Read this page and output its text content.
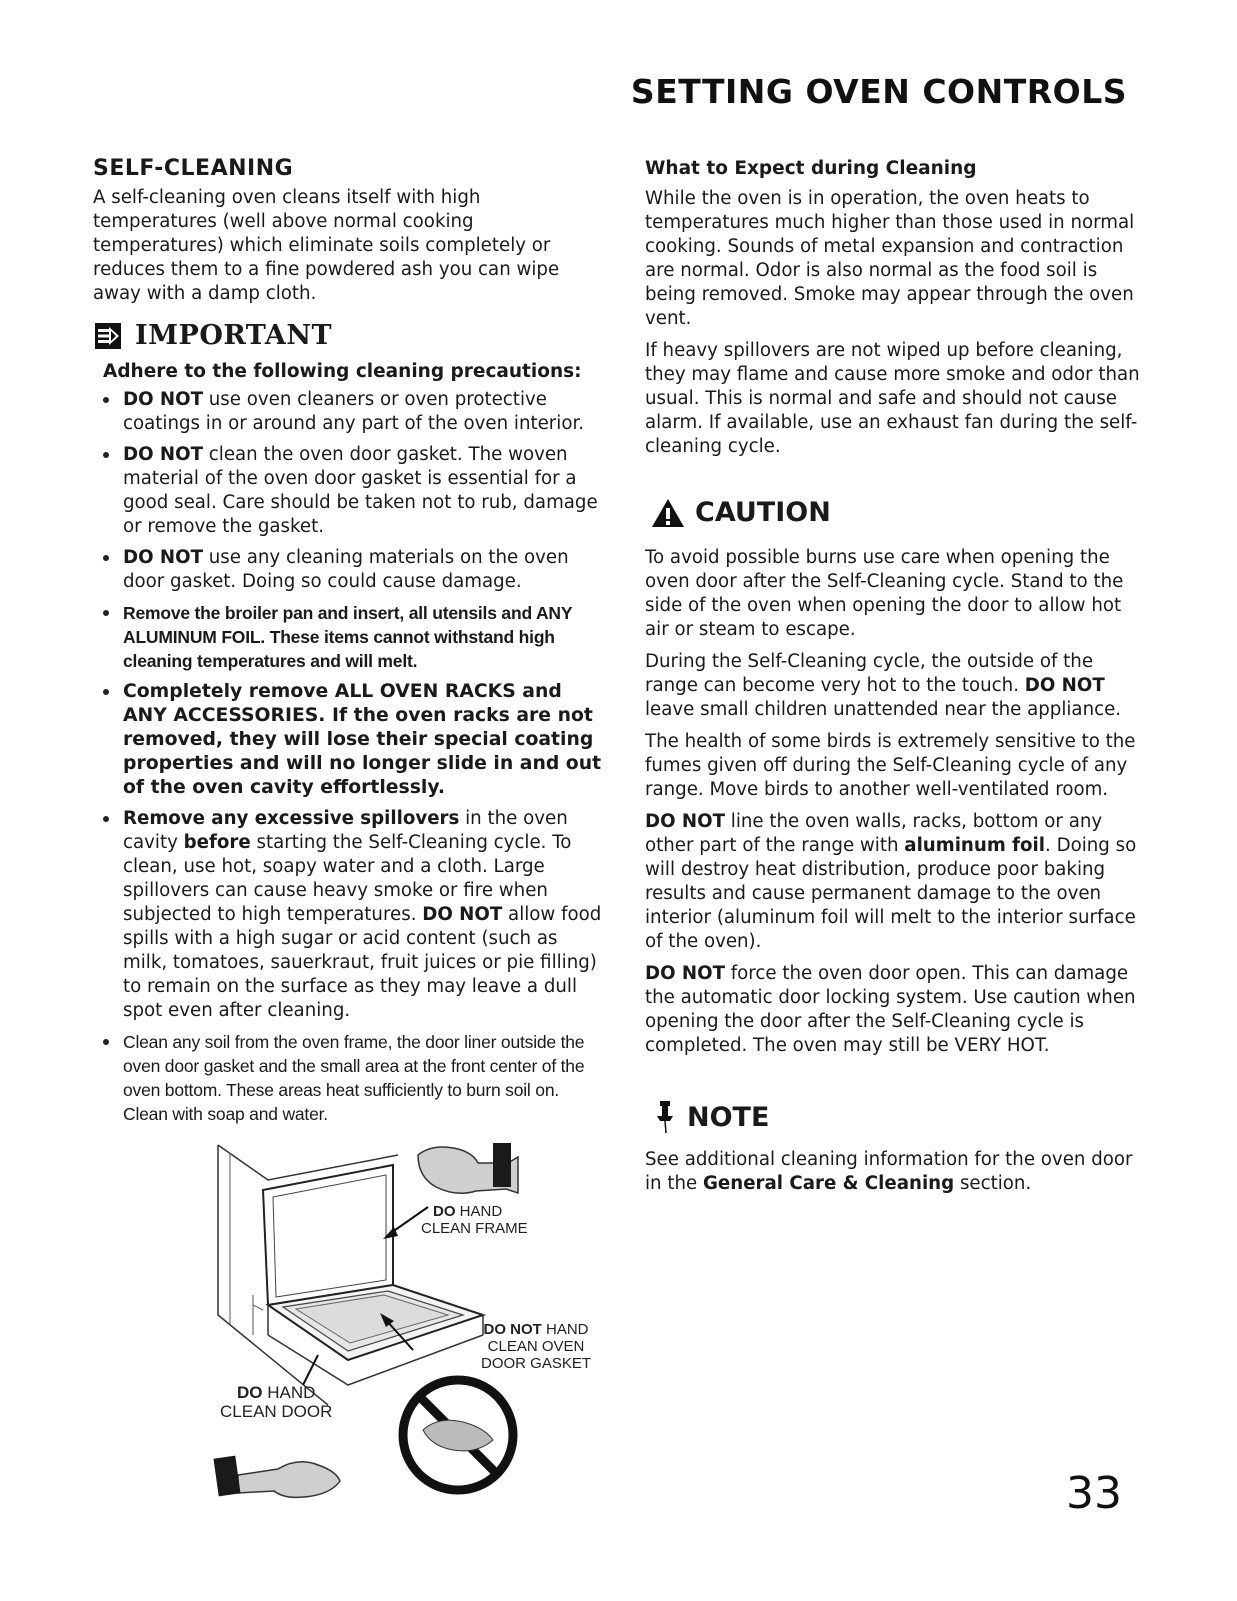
SETTING OVEN CONTROLS
SELF-CLEANING
A self-cleaning oven cleans itself with high temperatures (well above normal cooking temperatures) which eliminate soils completely or reduces them to a fine powdered ash you can wipe away with a damp cloth.
IMPORTANT
Adhere to the following cleaning precautions:
DO NOT use oven cleaners or oven protective coatings in or around any part of the oven interior.
DO NOT clean the oven door gasket. The woven material of the oven door gasket is essential for a good seal. Care should be taken not to rub, damage or remove the gasket.
DO NOT use any cleaning materials on the oven door gasket. Doing so could cause damage.
Remove the broiler pan and insert, all utensils and ANY ALUMINUM FOIL. These items cannot withstand high cleaning temperatures and will melt.
Completely remove ALL OVEN RACKS and ANY ACCESSORIES. If the oven racks are not removed, they will lose their special coating properties and will no longer slide in and out of the oven cavity effortlessly.
Remove any excessive spillovers in the oven cavity before starting the Self-Cleaning cycle. To clean, use hot, soapy water and a cloth. Large spillovers can cause heavy smoke or fire when subjected to high temperatures. DO NOT allow food spills with a high sugar or acid content (such as milk, tomatoes, sauerkraut, fruit juices or pie filling) to remain on the surface as they may leave a dull spot even after cleaning.
Clean any soil from the oven frame, the door liner outside the oven door gasket and the small area at the front center of the oven bottom. These areas heat sufficiently to burn soil on. Clean with soap and water.
DO HAND
CLEAN FRAME
DO NOT HAND
CLEAN OVEN
DOOR GASKET
DO HAND
CLEAN DOOR
What to Expect during Cleaning
While the oven is in operation, the oven heats to temperatures much higher than those used in normal cooking. Sounds of metal expansion and contraction are normal. Odor is also normal as the food soil is being removed. Smoke may appear through the oven vent.
If heavy spillovers are not wiped up before cleaning, they may flame and cause more smoke and odor than usual. This is normal and safe and should not cause alarm. If available, use an exhaust fan during the self-cleaning cycle.
CAUTION
To avoid possible burns use care when opening the oven door after the Self-Cleaning cycle. Stand to the side of the oven when opening the door to allow hot air or steam to escape.
During the Self-Cleaning cycle, the outside of the range can become very hot to the touch. DO NOT leave small children unattended near the appliance.
The health of some birds is extremely sensitive to the fumes given off during the Self-Cleaning cycle of any range. Move birds to another well-ventilated room.
DO NOT line the oven walls, racks, bottom or any other part of the range with aluminum foil. Doing so will destroy heat distribution, produce poor baking results and cause permanent damage to the oven interior (aluminum foil will melt to the interior surface of the oven).
DO NOT force the oven door open. This can damage the automatic door locking system. Use caution when opening the door after the Self-Cleaning cycle is completed. The oven may still be VERY HOT.
NOTE
See additional cleaning information for the oven door in the General Care & Cleaning section.
33
